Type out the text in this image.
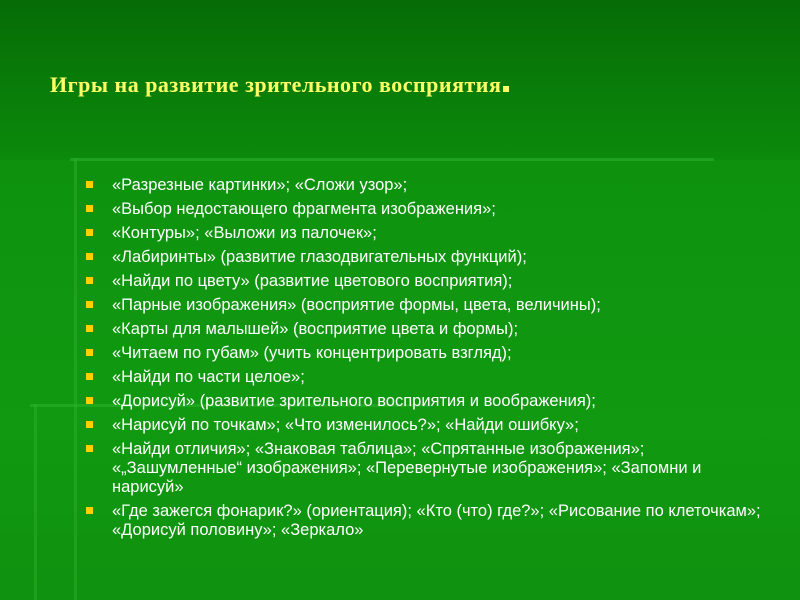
Игры на развитие зрительного восприятия
«Разрезные картинки»; «Сложи узор»;
«Выбор недостающего фрагмента изображения»;
«Контуры»; «Выложи из палочек»;
«Лабиринты» (развитие глазодвигательных функций);
«Найди по цвету» (развитие цветового восприятия);
«Парные изображения» (восприятие формы, цвета, величины);
«Карты для малышей» (восприятие цвета и формы);
«Читаем по губам» (учить концентрировать взгляд);
«Найди по части целое»;
«Дорисуй» (развитие зрительного восприятия и воображения);
«Нарисуй по точкам»; «Что изменилось?»; «Найди ошибку»;
«Найди отличия»; «Знаковая таблица»; «Спрятанные изображения»; «„Зашумленные“ изображения»; «Перевернутые изображения»; «Запомни и нарисуй»
«Где зажегся фонарик?» (ориентация); «Кто (что) где?»; «Рисование по клеточкам»; «Дорисуй половину»; «Зеркало»
